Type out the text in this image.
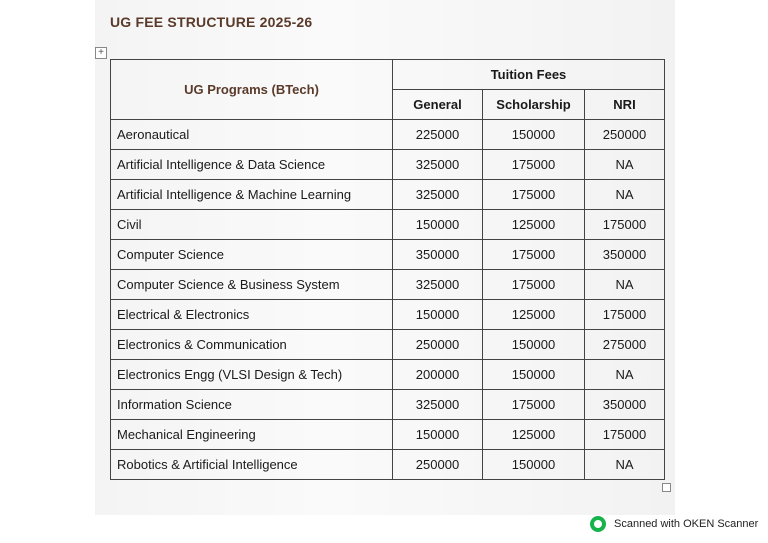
UG FEE STRUCTURE 2025-26
+
UG Programs (BTech)	Tuition Fees		
	General	Scholarship	NRI
Aeronautical	225000	150000	250000
Artificial Intelligence & Data Science	325000	175000	NA
Artificial Intelligence & Machine Learning	325000	175000	NA
Civil	150000	125000	175000
Computer Science	350000	175000	350000
Computer Science & Business System	325000	175000	NA
Electrical & Electronics	150000	125000	175000
Electronics & Communication	250000	150000	275000
Electronics Engg (VLSI Design & Tech)	200000	150000	NA
Information Science	325000	175000	350000
Mechanical Engineering	150000	125000	175000
Robotics & Artificial Intelligence	250000	150000	NA
Scanned with OKEN Scanner
